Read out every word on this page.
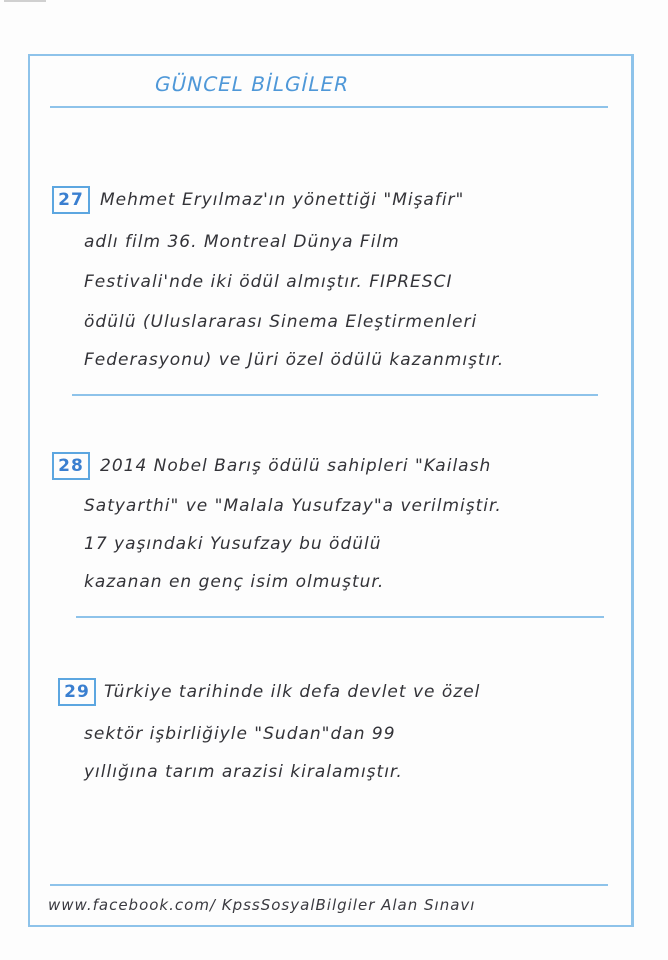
GÜNCEL BİLGİLER
27 Mehmet Eryılmaz'ın yönettiği "Mişafir"
adlı film 36. Montreal Dünya Film
Festivali'nde iki ödül almıştır. FIPRESCI
ödülü (Uluslararası Sinema Eleştirmenleri
Federasyonu) ve Jüri özel ödülü kazanmıştır.
28 2014 Nobel Barış ödülü sahipleri "Kailash
Satyarthi" ve "Malala Yusufzay"a verilmiştir.
17 yaşındaki Yusufzay bu ödülü
kazanan en genç isim olmuştur.
29 Türkiye tarihinde ilk defa devlet ve özel
sektör işbirliğiyle "Sudan"dan 99
yıllığına tarım arazisi kiralamıştır.
www.facebook.com/ KpssSosyalBilgiler Alan Sınavı
